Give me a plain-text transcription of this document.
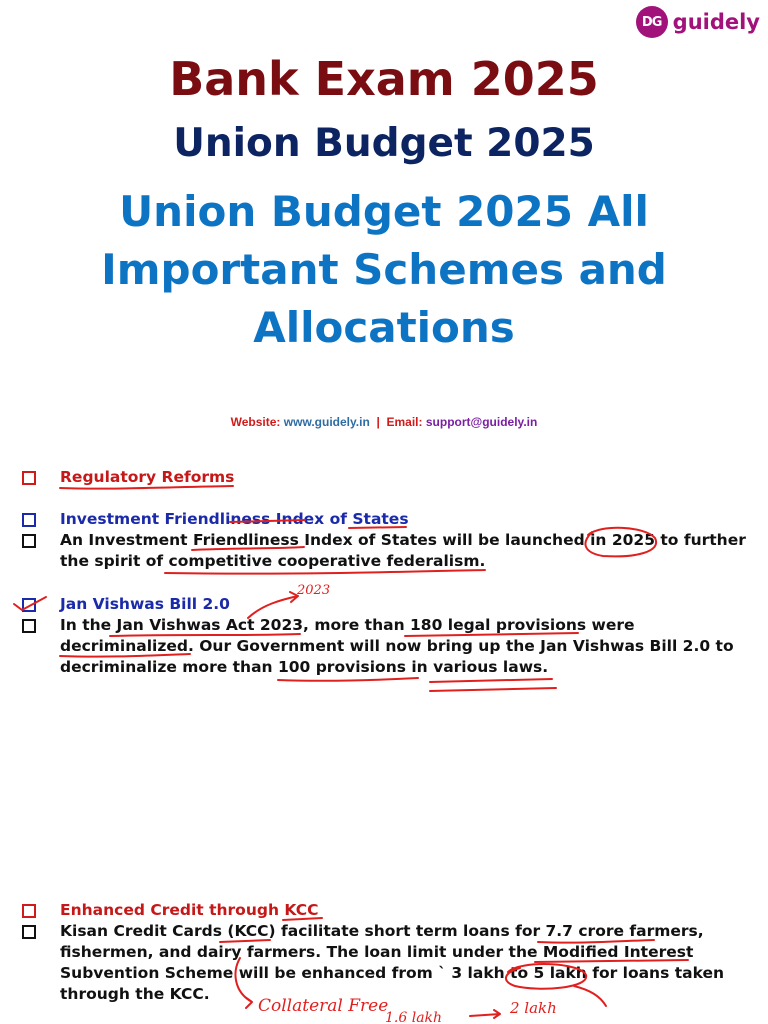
DG guidely
Bank Exam 2025
Union Budget 2025
Union Budget 2025 All Important Schemes and Allocations
Website: www.guidely.in | Email: support@guidely.in
Regulatory Reforms
Investment Friendliness Index of States
An Investment Friendliness Index of States will be launched in 2025 to further the spirit of competitive cooperative federalism.
Jan Vishwas Bill 2.0
In the Jan Vishwas Act 2023, more than 180 legal provisions were decriminalized. Our Government will now bring up the Jan Vishwas Bill 2.0 to decriminalize more than 100 provisions in various laws.
Enhanced Credit through KCC
Kisan Credit Cards (KCC) facilitate short term loans for 7.7 crore farmers, fishermen, and dairy farmers. The loan limit under the Modified Interest Subvention Scheme will be enhanced from ` 3 lakh to 5 lakh for loans taken through the KCC.
2023
Collateral Free
1.6 lakh
2 lakh
